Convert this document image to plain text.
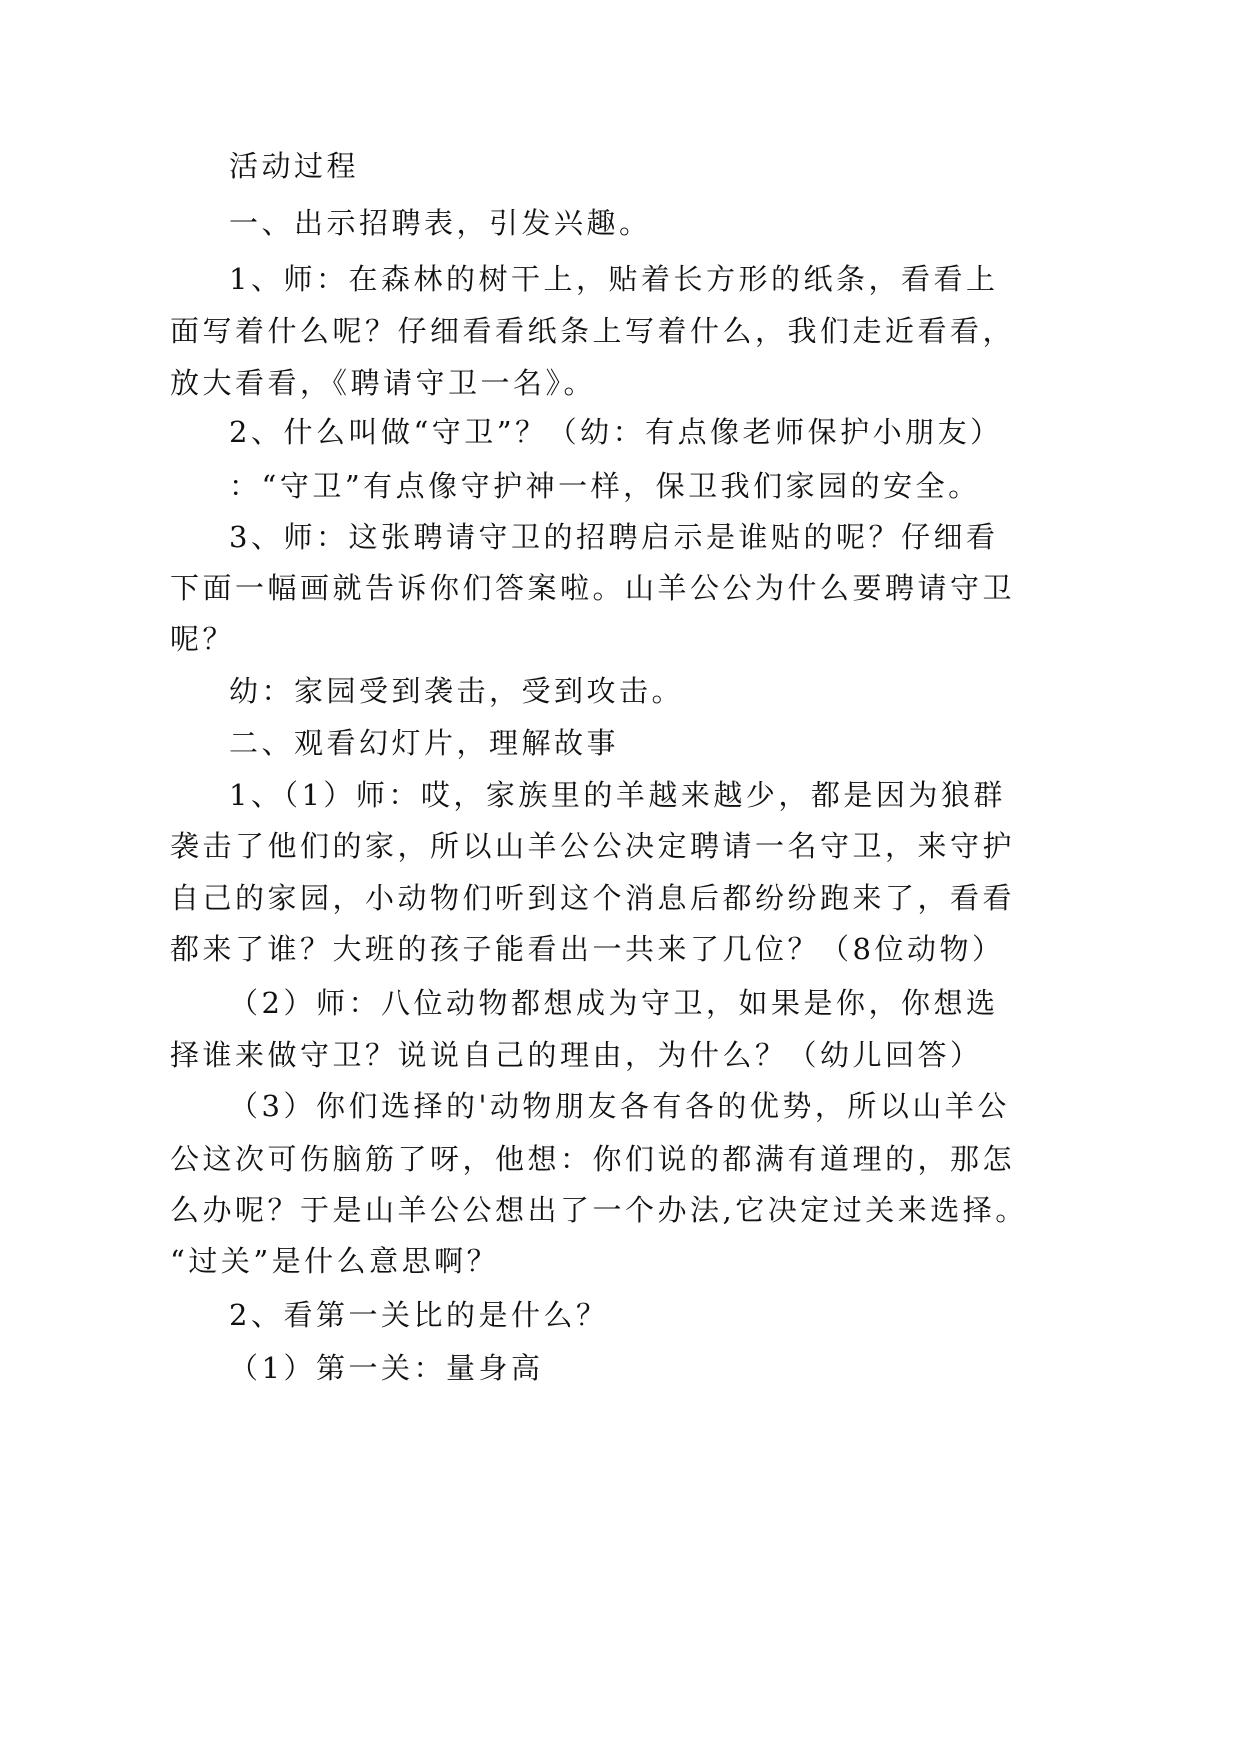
活动过程
一、出示招聘表，引发兴趣。
1、师：在森林的树干上，贴着长方形的纸条，看看上
面写着什么呢？仔细看看纸条上写着什么，我们走近看看，
放大看看，《聘请守卫一名》。
2、什么叫做“守卫”？（幼：有点像老师保护小朋友）
：“守卫”有点像守护神一样，保卫我们家园的安全。
3、师：这张聘请守卫的招聘启示是谁贴的呢？仔细看
下面一幅画就告诉你们答案啦。山羊公公为什么要聘请守卫
呢？
幼：家园受到袭击，受到攻击。
二、观看幻灯片，理解故事
1、（1）师：哎，家族里的羊越来越少，都是因为狼群
袭击了他们的家，所以山羊公公决定聘请一名守卫，来守护
自己的家园，小动物们听到这个消息后都纷纷跑来了，看看
都来了谁？大班的孩子能看出一共来了几位？（8位动物）
（2）师：八位动物都想成为守卫，如果是你，你想选
择谁来做守卫？说说自己的理由，为什么？（幼儿回答）
（3）你们选择的'动物朋友各有各的优势，所以山羊公
公这次可伤脑筋了呀，他想：你们说的都满有道理的，那怎
么办呢？于是山羊公公想出了一个办法,它决定过关来选择。
“过关”是什么意思啊？
2、看第一关比的是什么？
（1）第一关：量身高
